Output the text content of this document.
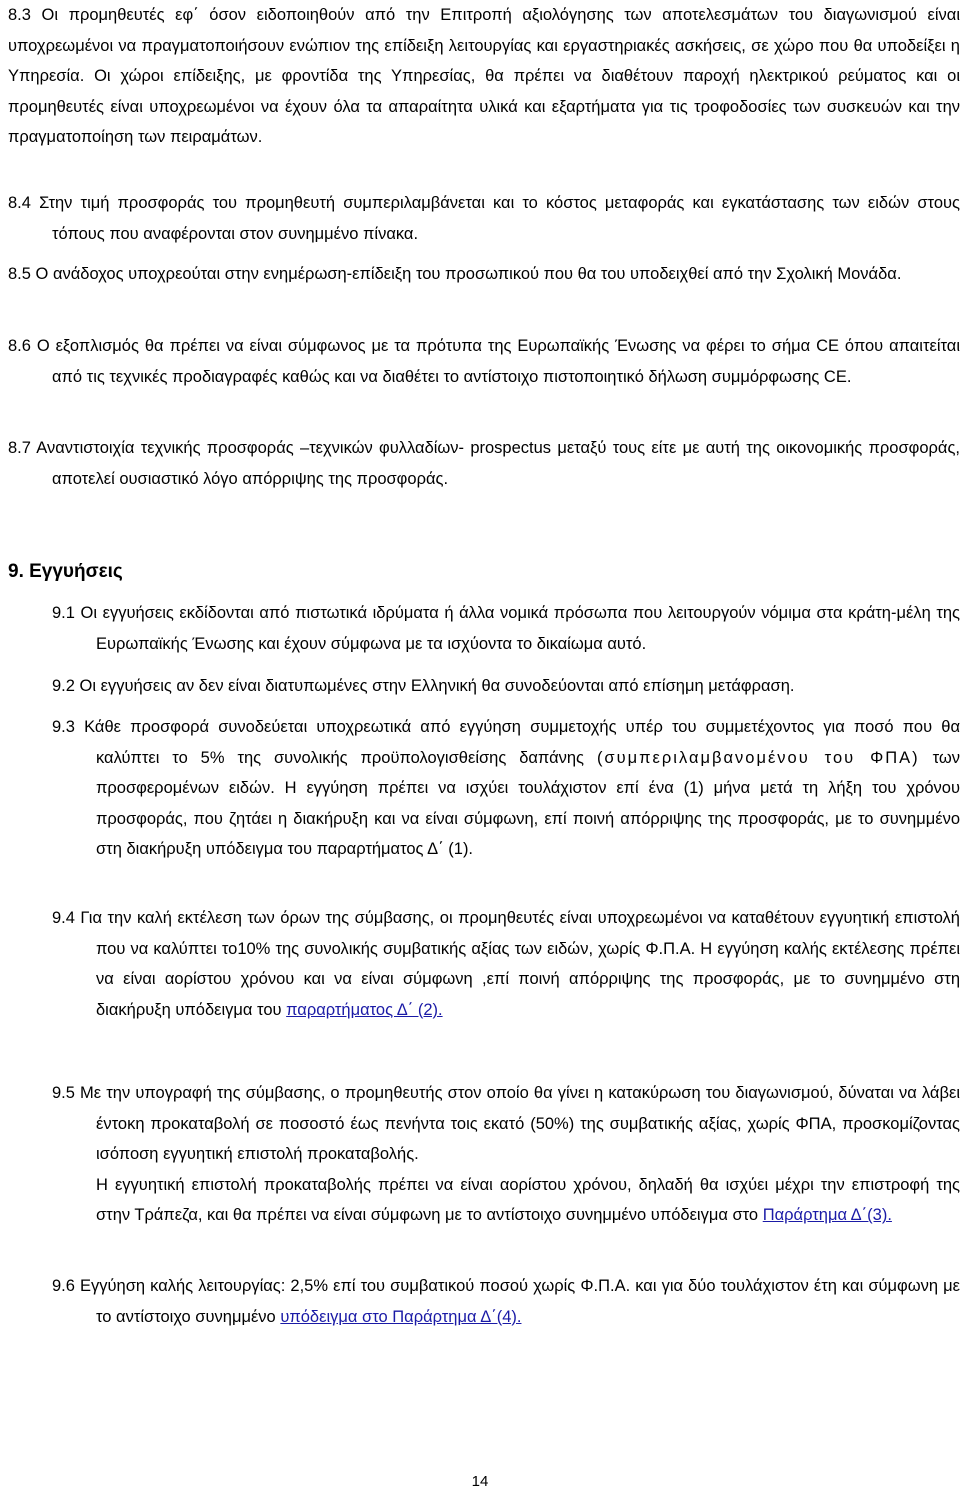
8.3 Οι προμηθευτές εφ΄ όσον ειδοποιηθούν από την Επιτροπή αξιολόγησης των αποτελεσμάτων του διαγωνισμού είναι υποχρεωμένοι να πραγματοποιήσουν ενώπιον της επίδειξη λειτουργίας και εργαστηριακές ασκήσεις, σε χώρο που θα υποδείξει η Υπηρεσία. Οι χώροι επίδειξης, με φροντίδα της Υπηρεσίας, θα πρέπει να διαθέτουν παροχή ηλεκτρικού ρεύματος και οι προμηθευτές είναι υποχρεωμένοι να έχουν όλα τα απαραίτητα υλικά και εξαρτήματα για τις τροφοδοσίες των συσκευών και την πραγματοποίηση των πειραμάτων.

8.4 Στην τιμή προσφοράς του προμηθευτή συμπεριλαμβάνεται και το κόστος μεταφοράς και εγκατάστασης των ειδών στους τόπους που αναφέρονται στον συνημμένο πίνακα.

8.5 Ο ανάδοχος υποχρεούται στην ενημέρωση-επίδειξη του προσωπικού που θα του υποδειχθεί από την Σχολική Μονάδα.

8.6 Ο εξοπλισμός θα πρέπει να είναι σύμφωνος με τα πρότυπα της Ευρωπαϊκής Ένωσης να φέρει το σήμα CE όπου απαιτείται από τις τεχνικές προδιαγραφές καθώς και να διαθέτει το αντίστοιχο πιστοποιητικό δήλωση συμμόρφωσης CE.

8.7 Αναντιστοιχία τεχνικής προσφοράς –τεχνικών φυλλαδίων- prospectus μεταξύ τους είτε με αυτή της οικονομικής προσφοράς, αποτελεί ουσιαστικό λόγο απόρριψης της προσφοράς.

9. Εγγυήσεις

9.1 Οι εγγυήσεις εκδίδονται από πιστωτικά ιδρύματα ή άλλα νομικά πρόσωπα που λειτουργούν νόμιμα στα κράτη-μέλη της Ευρωπαϊκής Ένωσης και έχουν σύμφωνα με τα ισχύοντα το δικαίωμα αυτό.

9.2 Οι εγγυήσεις αν δεν είναι διατυπωμένες στην Ελληνική θα συνοδεύονται από επίσημη μετάφραση.

9.3 Κάθε προσφορά συνοδεύεται υποχρεωτικά από εγγύηση συμμετοχής υπέρ του συμμετέχοντος για ποσό που θα καλύπτει το 5% της συνολικής προϋπολογισθείσης δαπάνης (συμπεριλαμβανομένου του ΦΠΑ) των προσφερομένων ειδών. Η εγγύηση πρέπει να ισχύει τουλάχιστον επί ένα (1) μήνα μετά τη λήξη του χρόνου προσφοράς, που ζητάει η διακήρυξη και να είναι σύμφωνη, επί ποινή απόρριψης της προσφοράς, με το συνημμένο στη διακήρυξη υπόδειγμα του παραρτήματος Δ΄ (1).

9.4 Για την καλή εκτέλεση των όρων της σύμβασης, οι προμηθευτές είναι υποχρεωμένοι να καταθέτουν εγγυητική επιστολή που να καλύπτει το10% της συνολικής συμβατικής αξίας των ειδών, χωρίς Φ.Π.Α. Η εγγύηση καλής εκτέλεσης πρέπει να είναι αορίστου χρόνου και να είναι σύμφωνη ,επί ποινή απόρριψης της προσφοράς, με το συνημμένο στη διακήρυξη υπόδειγμα του παραρτήματος Δ΄ (2).

9.5 Με την υπογραφή της σύμβασης, ο προμηθευτής στον οποίο θα γίνει η κατακύρωση του διαγωνισμού, δύναται να λάβει έντοκη προκαταβολή σε ποσοστό έως πενήντα τοις εκατό (50%) της συμβατικής αξίας, χωρίς ΦΠΑ, προσκομίζοντας ισόποση εγγυητική επιστολή προκαταβολής.
Η εγγυητική επιστολή προκαταβολής πρέπει να είναι αορίστου χρόνου, δηλαδή θα ισχύει μέχρι την επιστροφή της στην Τράπεζα, και θα πρέπει να είναι σύμφωνη με το αντίστοιχο συνημμένο υπόδειγμα στο Παράρτημα Δ΄(3).

9.6 Εγγύηση καλής λειτουργίας: 2,5% επί του συμβατικού ποσού χωρίς Φ.Π.Α. και για δύο τουλάχιστον έτη και σύμφωνη με το αντίστοιχο συνημμένο υπόδειγμα στο Παράρτημα Δ΄(4).

14
